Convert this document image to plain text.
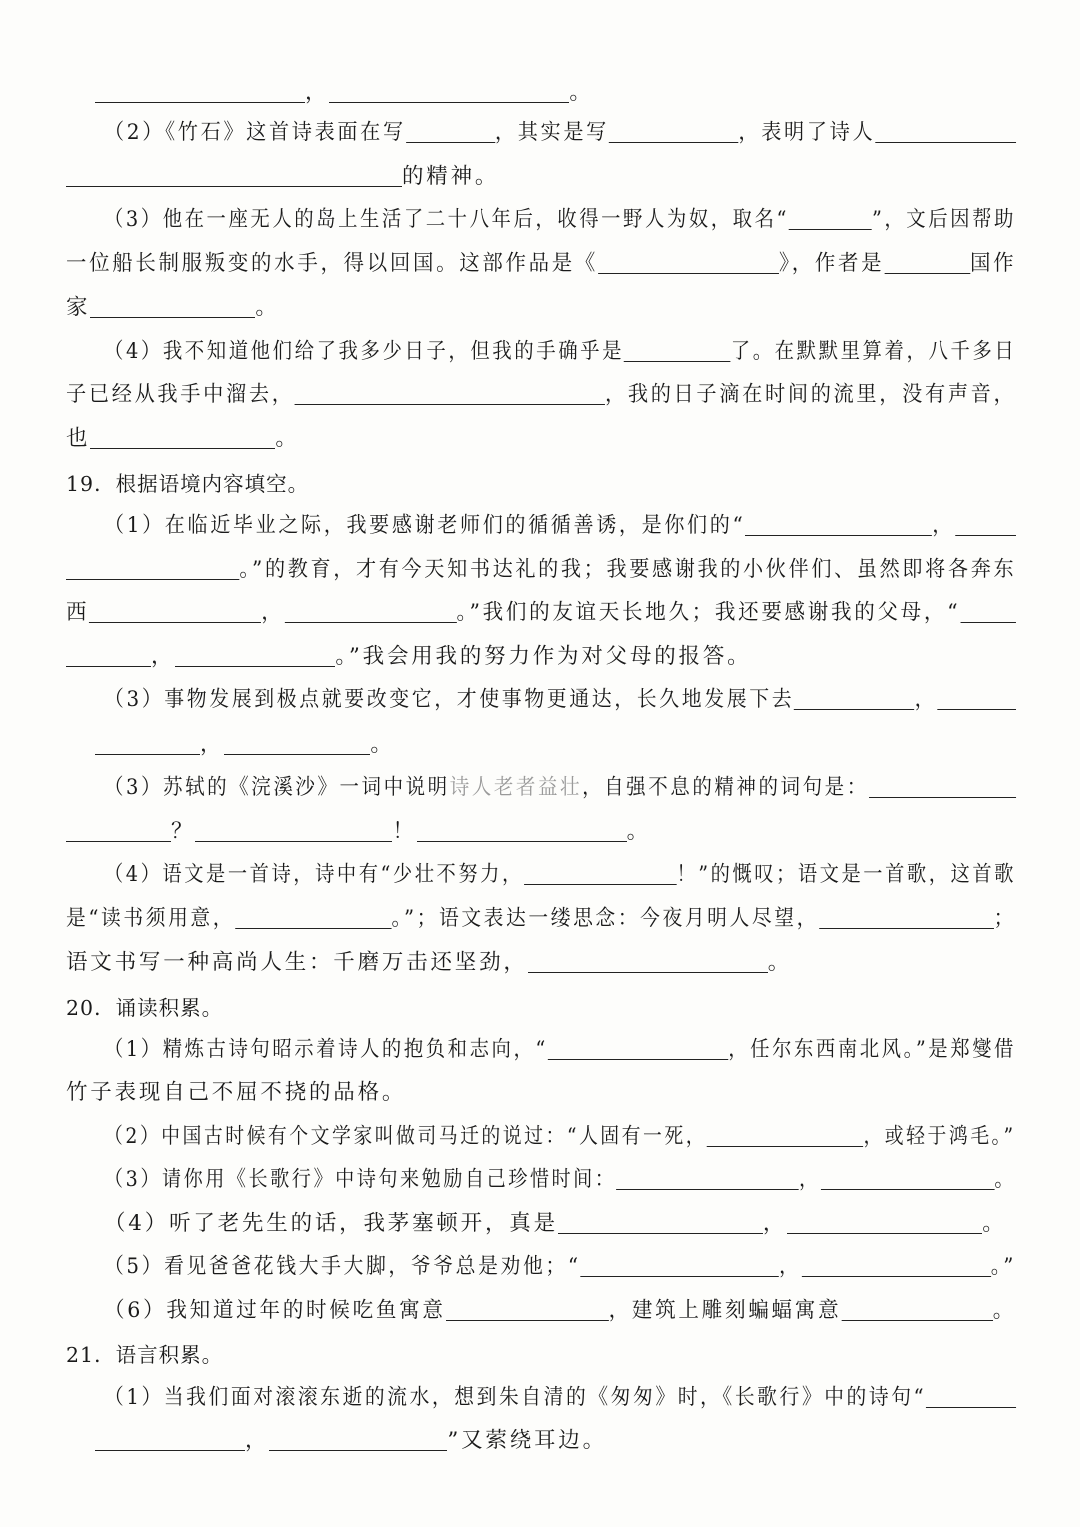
，	。
（2）《竹石》这首诗表面在写	，其实是写	，表明了诗人
的精神。
（3）他在一座无人的岛上生活了二十八年后，收得一野人为奴，取名“	”，文后因帮助
一位船长制服叛变的水手，得以回国。这部作品是《	》，作者是	国作
家	。
（4）我不知道他们给了我多少日子，但我的手确乎是	了。在默默里算着，八千多日
子已经从我手中溜去，	，我的日子滴在时间的流里，没有声音，
也	。
19．根据语境内容填空。
（1）在临近毕业之际，我要感谢老师们的循循善诱，是你们的“	，
。”的教育，才有今天知书达礼的我；我要感谢我的小伙伴们、虽然即将各奔东
西	，	。”我们的友谊天长地久；我还要感谢我的父母，“
，	。”我会用我的努力作为对父母的报答。
（3）事物发展到极点就要改变它，才使事物更通达，长久地发展下去	，
，	。
（3）苏轼的《浣溪沙》一词中说明诗人老者益壮，自强不息的精神的词句是：
？	！	。
（4）语文是一首诗，诗中有“少壮不努力，	！”的慨叹；语文是一首歌，这首歌
是“读书须用意，	。”；语文表达一缕思念：今夜月明人尽望，	；
语文书写一种高尚人生：千磨万击还坚劲，	。
20．诵读积累。
（1）精炼古诗句昭示着诗人的抱负和志向，“	，任尔东西南北风。”是郑燮借
竹子表现自己不屈不挠的品格。
（2）中国古时候有个文学家叫做司马迁的说过：“人固有一死，	，或轻于鸿毛。”
（3）请你用《长歌行》中诗句来勉励自己珍惜时间：	，	。
（4）听了老先生的话，我茅塞顿开，真是	，	。
（5）看见爸爸花钱大手大脚，爷爷总是劝他；“	，	。”
（6）我知道过年的时候吃鱼寓意	，建筑上雕刻蝙蝠寓意	。
21．语言积累。
（1）当我们面对滚滚东逝的流水，想到朱自清的《匆匆》时，《长歌行》中的诗句“
，	”又萦绕耳边。
